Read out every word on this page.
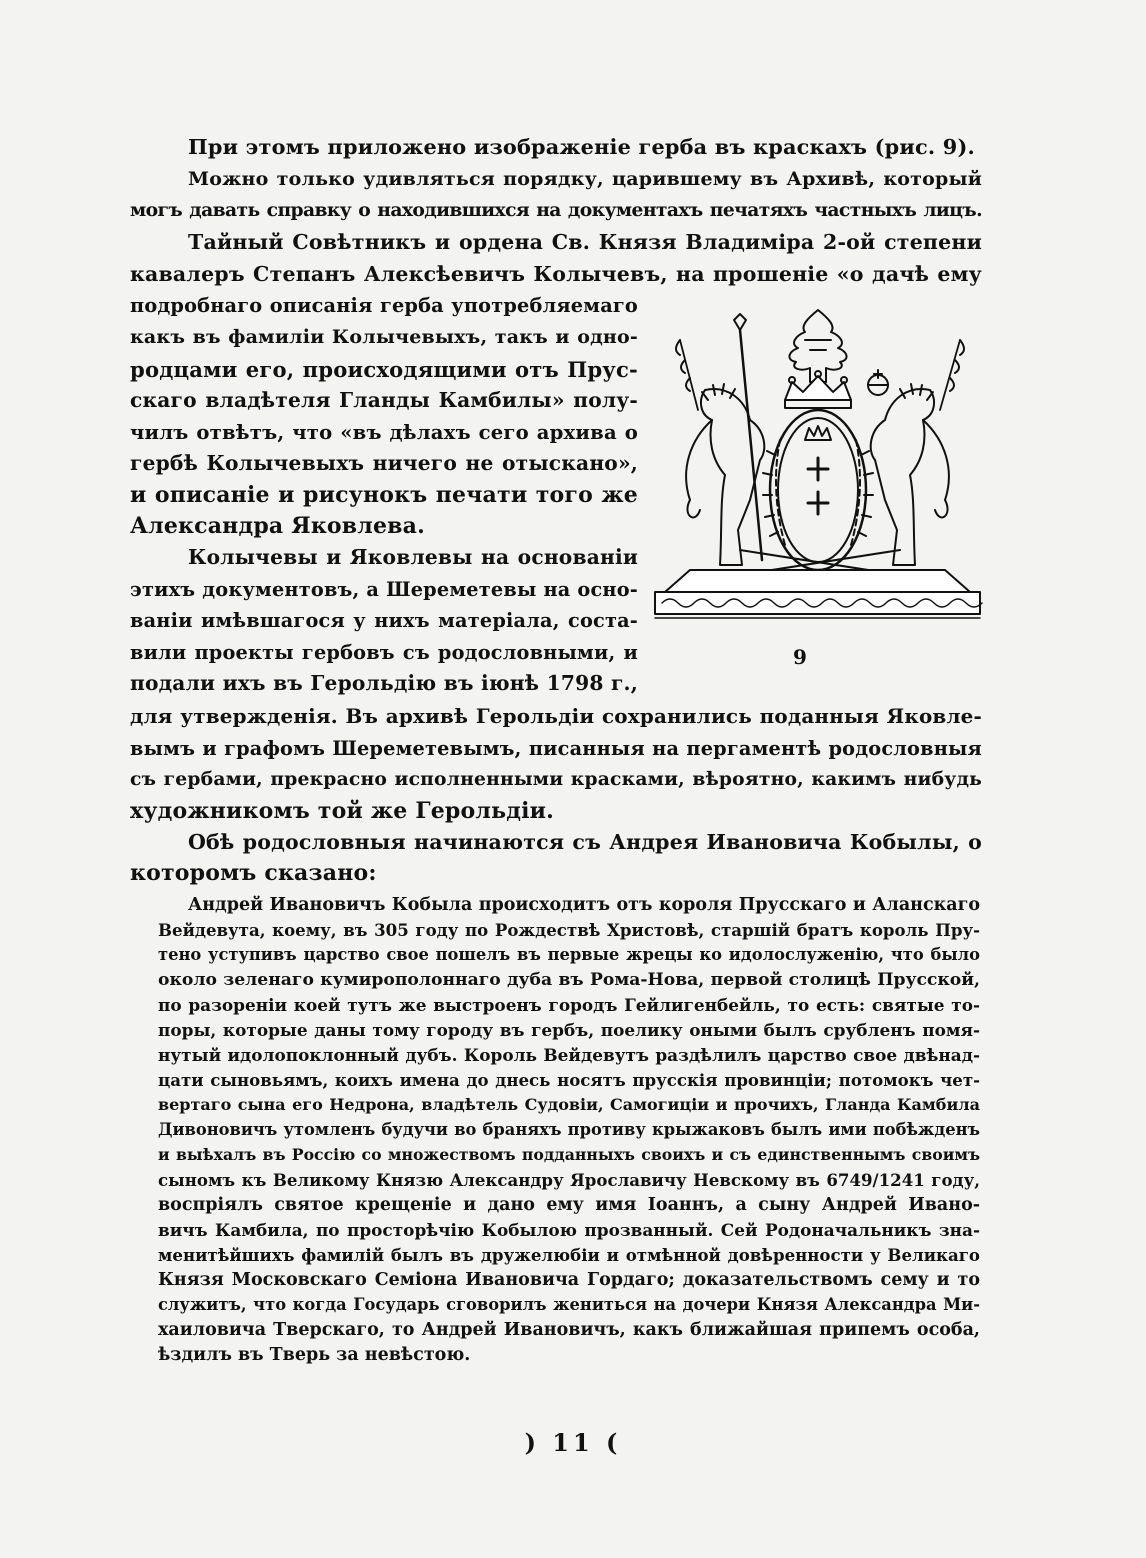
При этомъ приложено изображеніе герба въ краскахъ (рис. 9).
Можно только удивляться порядку, царившему въ Архивѣ, который
могъ давать справку о находившихся на документахъ печатяхъ частныхъ лицъ.
Тайный Совѣтникъ и ордена Св. Князя Владиміра 2-ой степени
кавалеръ Степанъ Алексѣевичъ Колычевъ, на прошеніе «о дачѣ ему
подробнаго описанія герба употребляемаго
какъ въ фамиліи Колычевыхъ, такъ и одно-
родцами его, происходящими отъ Прус-
скаго владѣтеля Гланды Камбилы» полу-
чилъ отвѣтъ, что «въ дѣлахъ сего архива о
гербѣ Колычевыхъ ничего не отыскано»,
и описаніе и рисунокъ печати того же
Александра Яковлева.
Колычевы и Яковлевы на основаніи
этихъ документовъ, а Шереметевы на осно-
ваніи имѣвшагося у нихъ матеріала, соста-
вили проекты гербовъ съ родословными, и
подали ихъ въ Герольдію въ іюнѣ 1798 г.,
для утвержденія. Въ архивѣ Герольдіи сохранились поданныя Яковле-
вымъ и графомъ Шереметевымъ, писанныя на пергаментѣ родословныя
съ гербами, прекрасно исполненными красками, вѣроятно, какимъ нибудь
художникомъ той же Герольдіи.
Обѣ родословныя начинаются съ Андрея Ивановича Кобылы, о
которомъ сказано:
9
Андрей Ивановичъ Кобыла происходитъ отъ короля Прусскаго и Аланскаго
Вейдевута, коему, въ 305 году по Рождествѣ Христовѣ, старшій братъ король Пру-
тено уступивъ царство свое пошелъ въ первые жрецы ко идолослуженію, что было
около зеленаго кумирополоннаго дуба въ Рома-Нова, первой столицѣ Прусской,
по разореніи коей тутъ же выстроенъ городъ Гейлигенбейль, то есть: святые то-
поры, которые даны тому городу въ гербъ, поелику оными былъ срубленъ помя-
нутый идолопоклонный дубъ. Король Вейдевутъ раздѣлилъ царство свое двѣнад-
цати сыновьямъ, коихъ имена до днесь носятъ прусскія провинціи; потомокъ чет-
вертаго сына его Недрона, владѣтель Судовіи, Самогиціи и прочихъ, Гланда Камбила
Дивоновичъ утомленъ будучи во браняхъ противу крыжаковъ былъ ими побѣжденъ
и выѣхалъ въ Россію со множествомъ подданныхъ своихъ и съ единственнымъ своимъ
сыномъ къ Великому Князю Александру Ярославичу Невскому въ 6749/1241 году,
воспріялъ святое крещеніе и дано ему имя Іоаннъ, а сыну Андрей Ивано-
вичъ Камбила, по просторѣчію Кобылою прозванный. Сей Родоначальникъ зна-
менитѣйшихъ фамилій былъ въ дружелюбіи и отмѣнной довѣренности у Великаго
Князя Московскаго Семіона Ивановича Гордаго; доказательствомъ сему и то
служитъ, что когда Государь сговорилъ жениться на дочери Князя Александра Ми-
хаиловича Тверскаго, то Андрей Ивановичъ, какъ ближайшая припемъ особа,
ѣздилъ въ Тверь за невѣстою.
) 11 (
